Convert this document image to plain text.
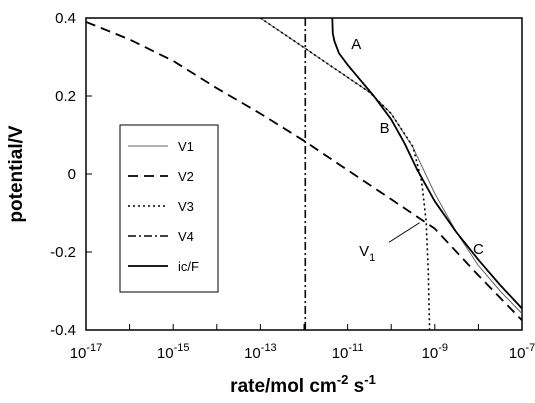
$10^{-17}$	$10^{-15}$	$10^{-13}$	$10^{-11}$	$10^{-9}$	$10^{-7}$
0.4
0.2
0
-0.2
-0.4
V1
V2
V3
V4
ic/F
A
B
C
$V_1$
potential/V
rate/mol $cm^{-2}$ $s^{-1}$
